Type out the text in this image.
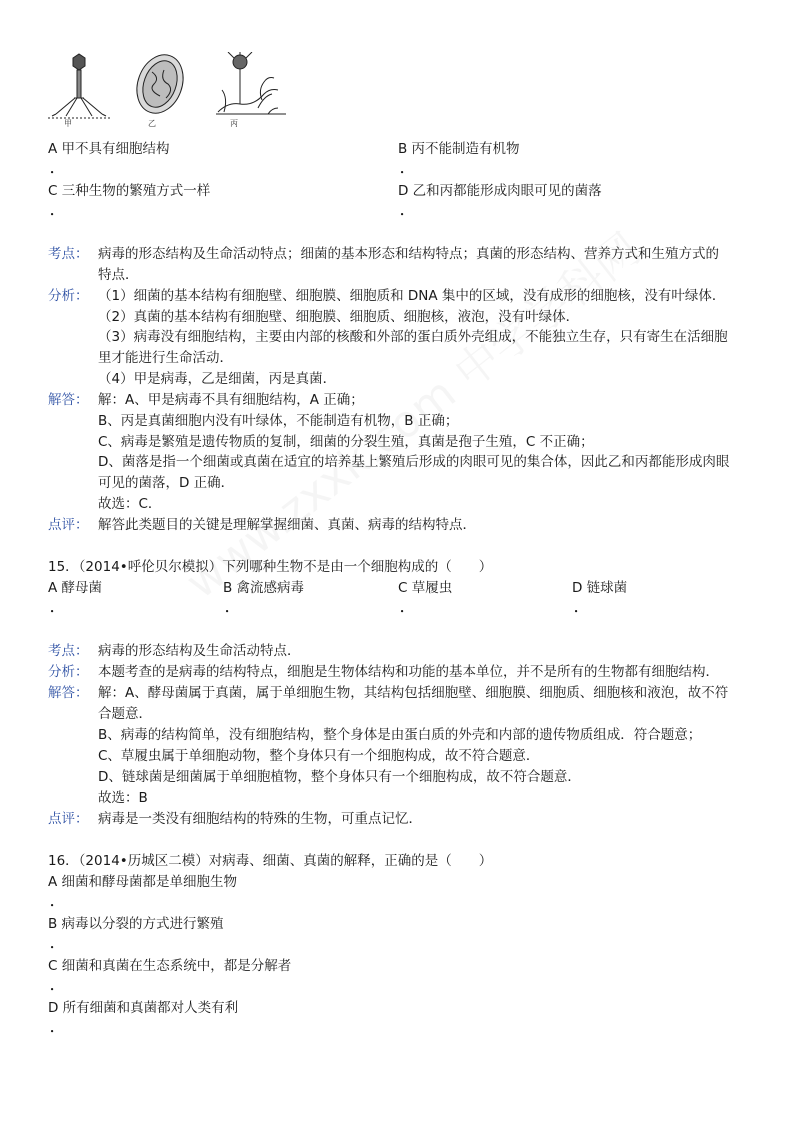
甲	乙	丙
A 甲不具有细胞结构
．
B 丙不能制造有机物
．
C 三种生物的繁殖方式一样
．
D 乙和丙都能形成肉眼可见的菌落
．
考点： 病毒的形态结构及生命活动特点；细菌的基本形态和结构特点；真菌的形态结构、营养方式和生殖方式的
特点．
分析： （1）细菌的基本结构有细胞壁、细胞膜、细胞质和 DNA 集中的区域，没有成形的细胞核，没有叶绿体．
（2）真菌的基本结构有细胞壁、细胞膜、细胞质、细胞核，液泡，没有叶绿体．
（3）病毒没有细胞结构，主要由内部的核酸和外部的蛋白质外壳组成，不能独立生存，只有寄生在活细胞
里才能进行生命活动．
（4）甲是病毒，乙是细菌，丙是真菌．
解答： 解：A、甲是病毒不具有细胞结构，A 正确；
B、丙是真菌细胞内没有叶绿体，不能制造有机物，B 正确；
C、病毒是繁殖是遗传物质的复制，细菌的分裂生殖，真菌是孢子生殖，C 不正确；
D、菌落是指一个细菌或真菌在适宜的培养基上繁殖后形成的肉眼可见的集合体，因此乙和丙都能形成肉眼
可见的菌落，D 正确．
故选：C．
点评： 解答此类题目的关键是理解掌握细菌、真菌、病毒的结构特点．
15．（2014•呼伦贝尔模拟）下列哪种生物不是由一个细胞构成的（　　）
A 酵母菌
．
B 禽流感病毒
．
C 草履虫
．
D 链球菌
．
考点： 病毒的形态结构及生命活动特点．
分析： 本题考查的是病毒的结构特点，细胞是生物体结构和功能的基本单位，并不是所有的生物都有细胞结构．
解答： 解：A、酵母菌属于真菌，属于单细胞生物，其结构包括细胞壁、细胞膜、细胞质、细胞核和液泡，故不符
合题意．
B、病毒的结构简单，没有细胞结构，整个身体是由蛋白质的外壳和内部的遗传物质组成．符合题意；
C、草履虫属于单细胞动物，整个身体只有一个细胞构成，故不符合题意．
D、链球菌是细菌属于单细胞植物，整个身体只有一个细胞构成，故不符合题意．
故选：B
点评： 病毒是一类没有细胞结构的特殊的生物，可重点记忆．
16．（2014•历城区二模）对病毒、细菌、真菌的解释，正确的是（　　）
A 细菌和酵母菌都是单细胞生物
．
B 病毒以分裂的方式进行繁殖
．
C 细菌和真菌在生态系统中，都是分解者
．
D 所有细菌和真菌都对人类有利
．
